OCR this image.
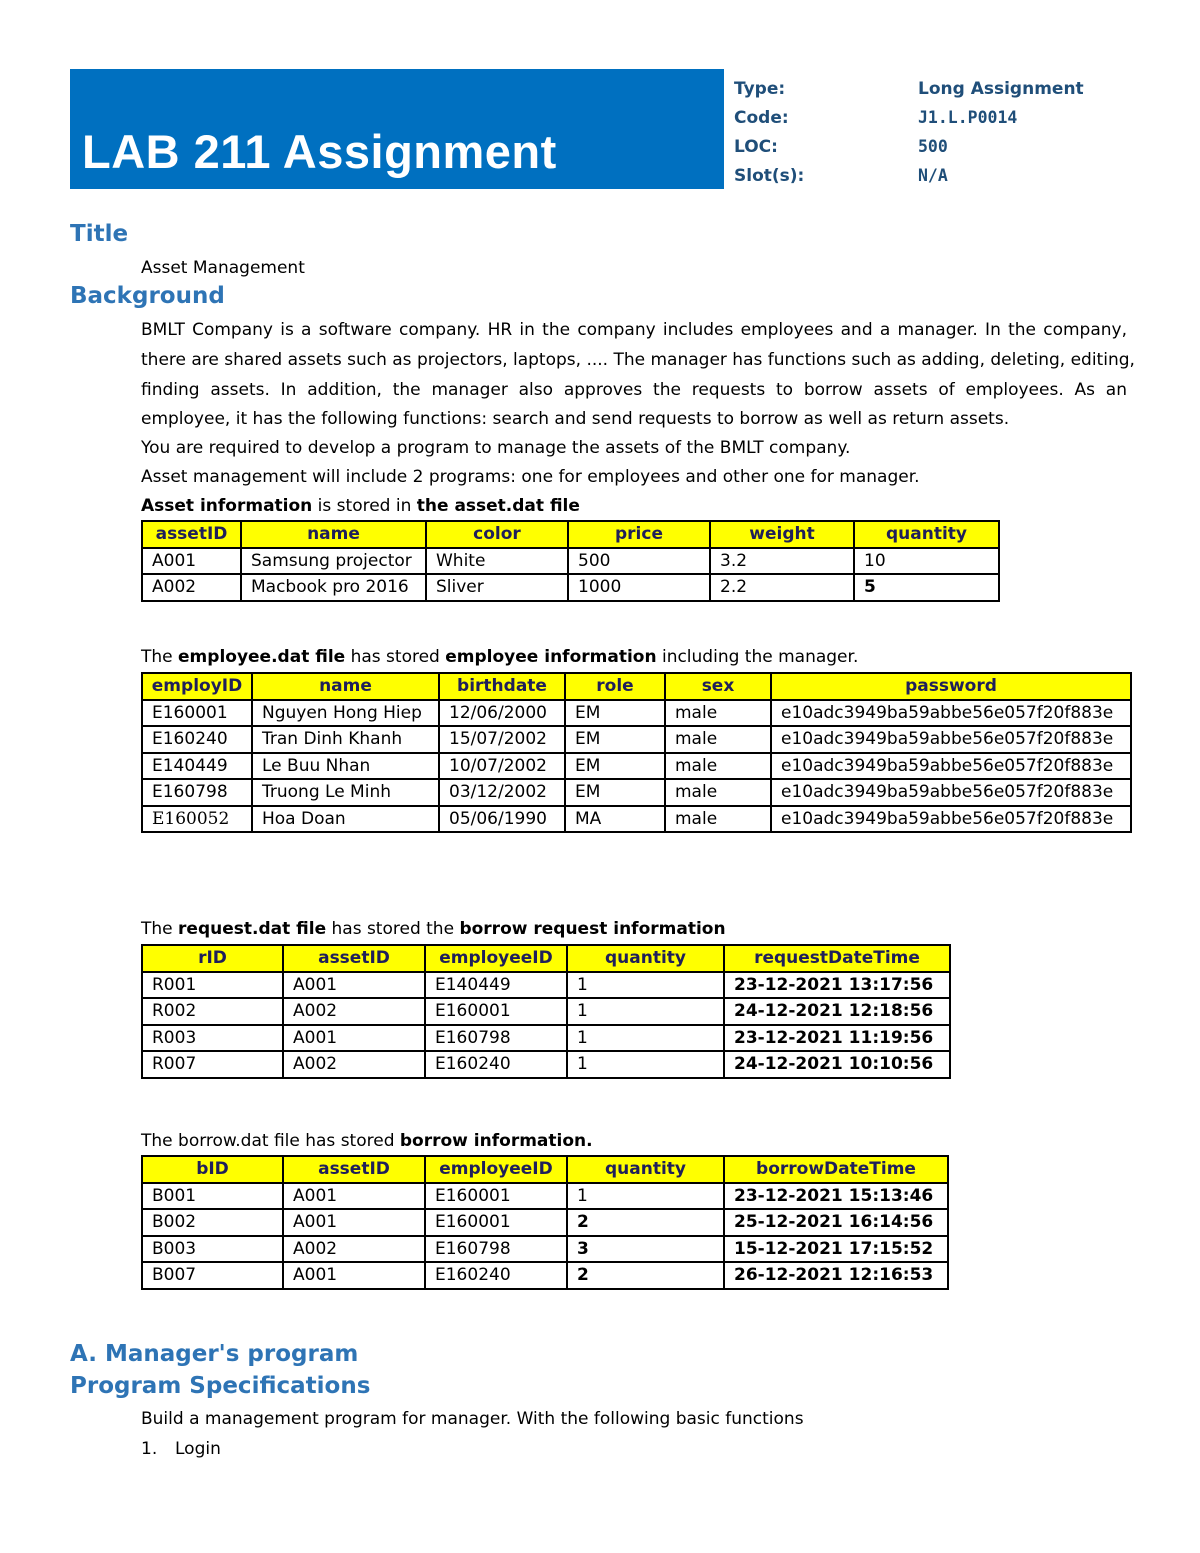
LAB 211 Assignment
Type:	Long Assignment
Code:	J1.L.P0014
LOC:	500
Slot(s):	N/A
Title
Asset Management
Background
BMLT Company is a software company. HR in the company includes employees and a manager. In the company,
there are shared assets such as projectors, laptops, .... The manager has functions such as adding, deleting, editing,
finding assets. In addition, the manager also approves the requests to borrow assets of employees. As an
employee, it has the following functions: search and send requests to borrow as well as return assets.
You are required to develop a program to manage the assets of the BMLT company.
Asset management will include 2 programs: one for employees and other one for manager.
Asset information is stored in the asset.dat file
assetID	name	color	price	weight	quantity
A001	Samsung projector	White	500	3.2	10
A002	Macbook pro 2016	Sliver	1000	2.2	5
The employee.dat file has stored employee information including the manager.
employID	name	birthdate	role	sex	password
E160001	Nguyen Hong Hiep	12/06/2000	EM	male	e10adc3949ba59abbe56e057f20f883e
E160240	Tran Dinh Khanh	15/07/2002	EM	male	e10adc3949ba59abbe56e057f20f883e
E140449	Le Buu Nhan	10/07/2002	EM	male	e10adc3949ba59abbe56e057f20f883e
E160798	Truong Le Minh	03/12/2002	EM	male	e10adc3949ba59abbe56e057f20f883e
E160052	Hoa Doan	05/06/1990	MA	male	e10adc3949ba59abbe56e057f20f883e
The request.dat file has stored the borrow request information
rID	assetID	employeeID	quantity	requestDateTime
R001	A001	E140449	1	23-12-2021 13:17:56
R002	A002	E160001	1	24-12-2021 12:18:56
R003	A001	E160798	1	23-12-2021 11:19:56
R007	A002	E160240	1	24-12-2021 10:10:56
The borrow.dat file has stored borrow information.
bID	assetID	employeeID	quantity	borrowDateTime
B001	A001	E160001	1	23-12-2021 15:13:46
B002	A001	E160001	2	25-12-2021 16:14:56
B003	A002	E160798	3	15-12-2021 17:15:52
B007	A001	E160240	2	26-12-2021 12:16:53
A. Manager's program
Program Specifications
Build a management program for manager. With the following basic functions
1. Login
